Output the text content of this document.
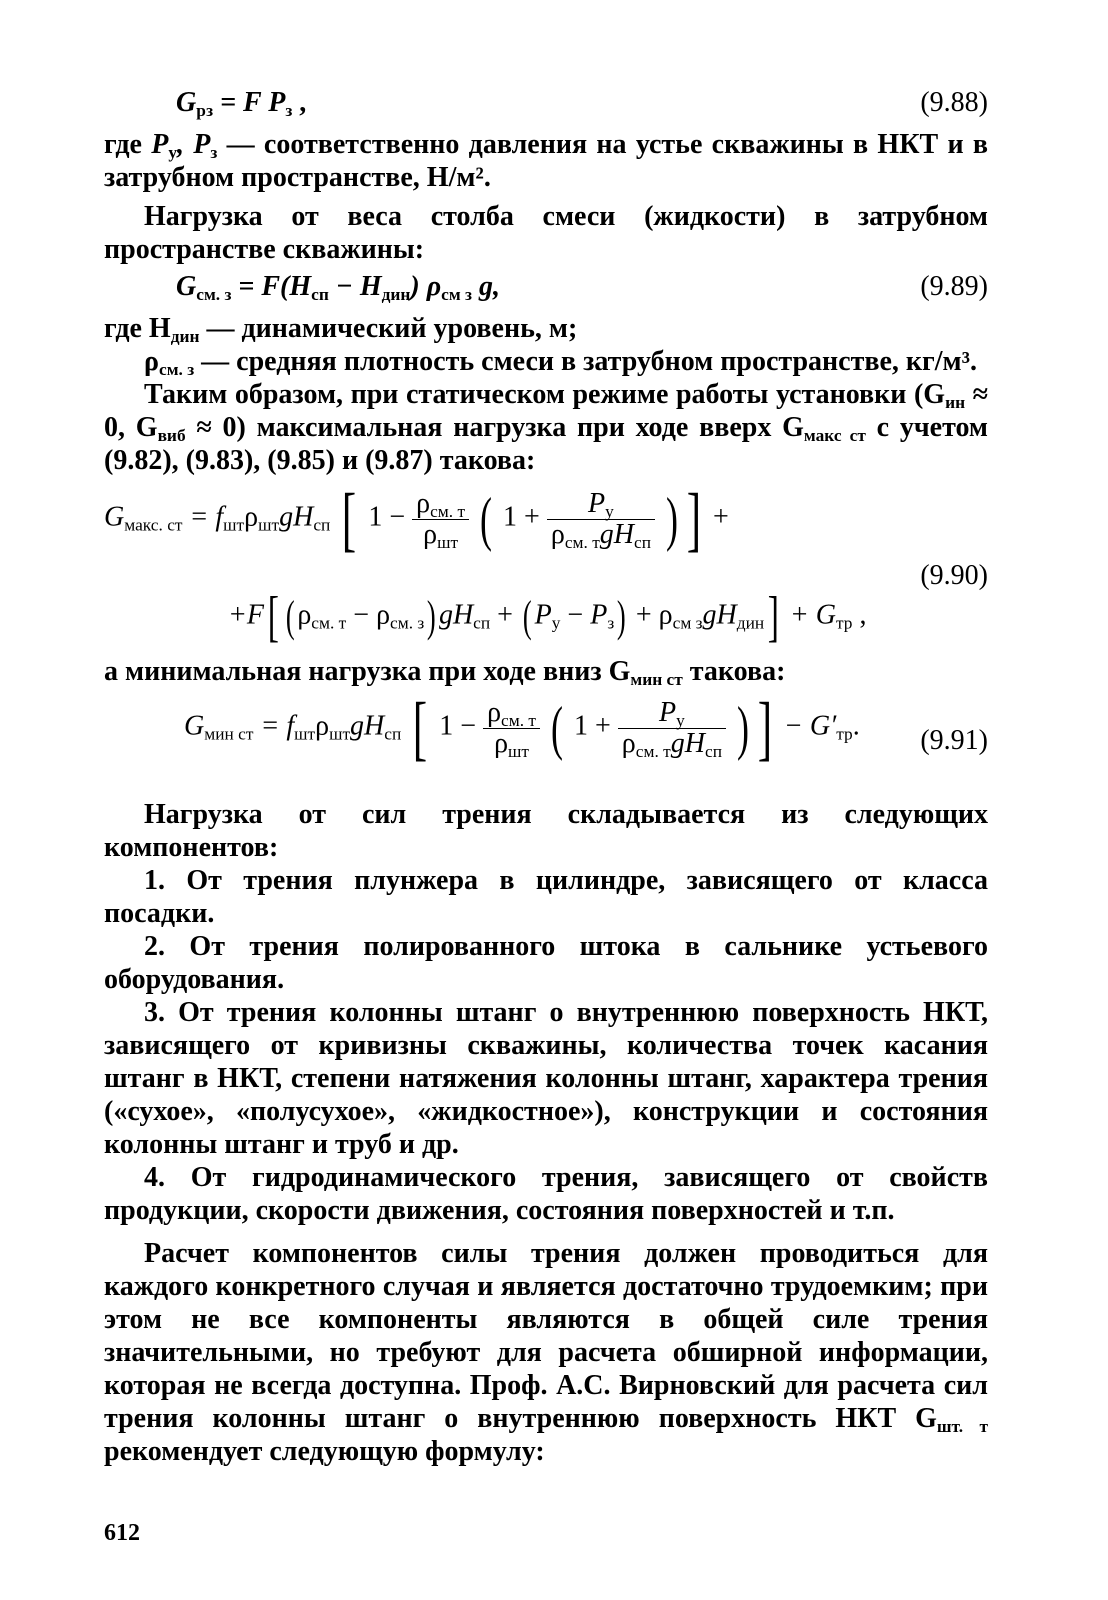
$G_{рз} = F$ $P_з$ ,	(9.88)

где $P_у$, $P_з$ — соответственно давления на устье скважины в НКТ и в затрубном пространстве, Н/м².

Нагрузка от веса столба смеси (жидкости) в затрубном пространстве скважины:

$G_{см. з} = F(H_{сп} - H_{дин})$ $\rho_{см з}$ g,	(9.89)

где $H_{дин}$ — динамический уровень, м;

$\rho_{см. з}$ — средняя плотность смеси в затрубном пространстве, кг/м³.

Таким образом, при статическом режиме работы установки ($G_{ин} \approx 0$, $G_{виб} \approx 0$) максимальная нагрузка при ходе вверх $G_{макс ст}$ с учетом (9.82), (9.83), (9.85) и (9.87) такова:

$G_{макс. ст} = f_{шт}\rho_{шт}gH_{сп}$ [ $1 - \frac{\rho_{см. т}}{\rho_{шт}}$ ( $1 + \frac{P_у}{\rho_{см. т}gH_{сп}}$ ) ] +
+F[ ( $\rho_{см. т} - \rho_{см. з}$) $gH_{сп}$ + ( $P_у - P_з) + \rho_{см з}gH_{дин}] + G_{тр}$ ,
(9.90)

а минимальная нагрузка при ходе вниз $G_{мин ст}$ такова:

$G_{мин ст} = f_{шт}\rho_{шт}gH_{сп}$ [ $1 - \frac{\rho_{см. т}}{\rho_{шт}}$ ( $1 + \frac{P_у}{\rho_{см. т}gH_{сп}}$ ) ] − $G'_{тр}$. (9.91)

Нагрузка от сил трения складывается из следующих компонентов:

1. От трения плунжера в цилиндре, зависящего от класса посадки.

2. От трения полированного штока в сальнике устьевого оборудования.

3. От трения колонны штанг о внутреннюю поверхность НКТ, зависящего от кривизны скважины, количества точек касания штанг в НКТ, степени натяжения колонны штанг, характера трения («сухое», «полусухое», «жидкостное»), конструкции и состояния колонны штанг и труб и др.

4. От гидродинамического трения, зависящего от свойств продукции, скорости движения, состояния поверхностей и т.п.

Расчет компонентов силы трения должен проводиться для каждого конкретного случая и является достаточно трудоемким; при этом не все компоненты являются в общей силе трения значительными, но требуют для расчета обширной информации, которая не всегда доступна. Проф. А.С. Вирновский для расчета сил трения колонны штанг о внутреннюю поверхность НКТ $G_{шт. т}$ рекомендует следующую формулу:

612
